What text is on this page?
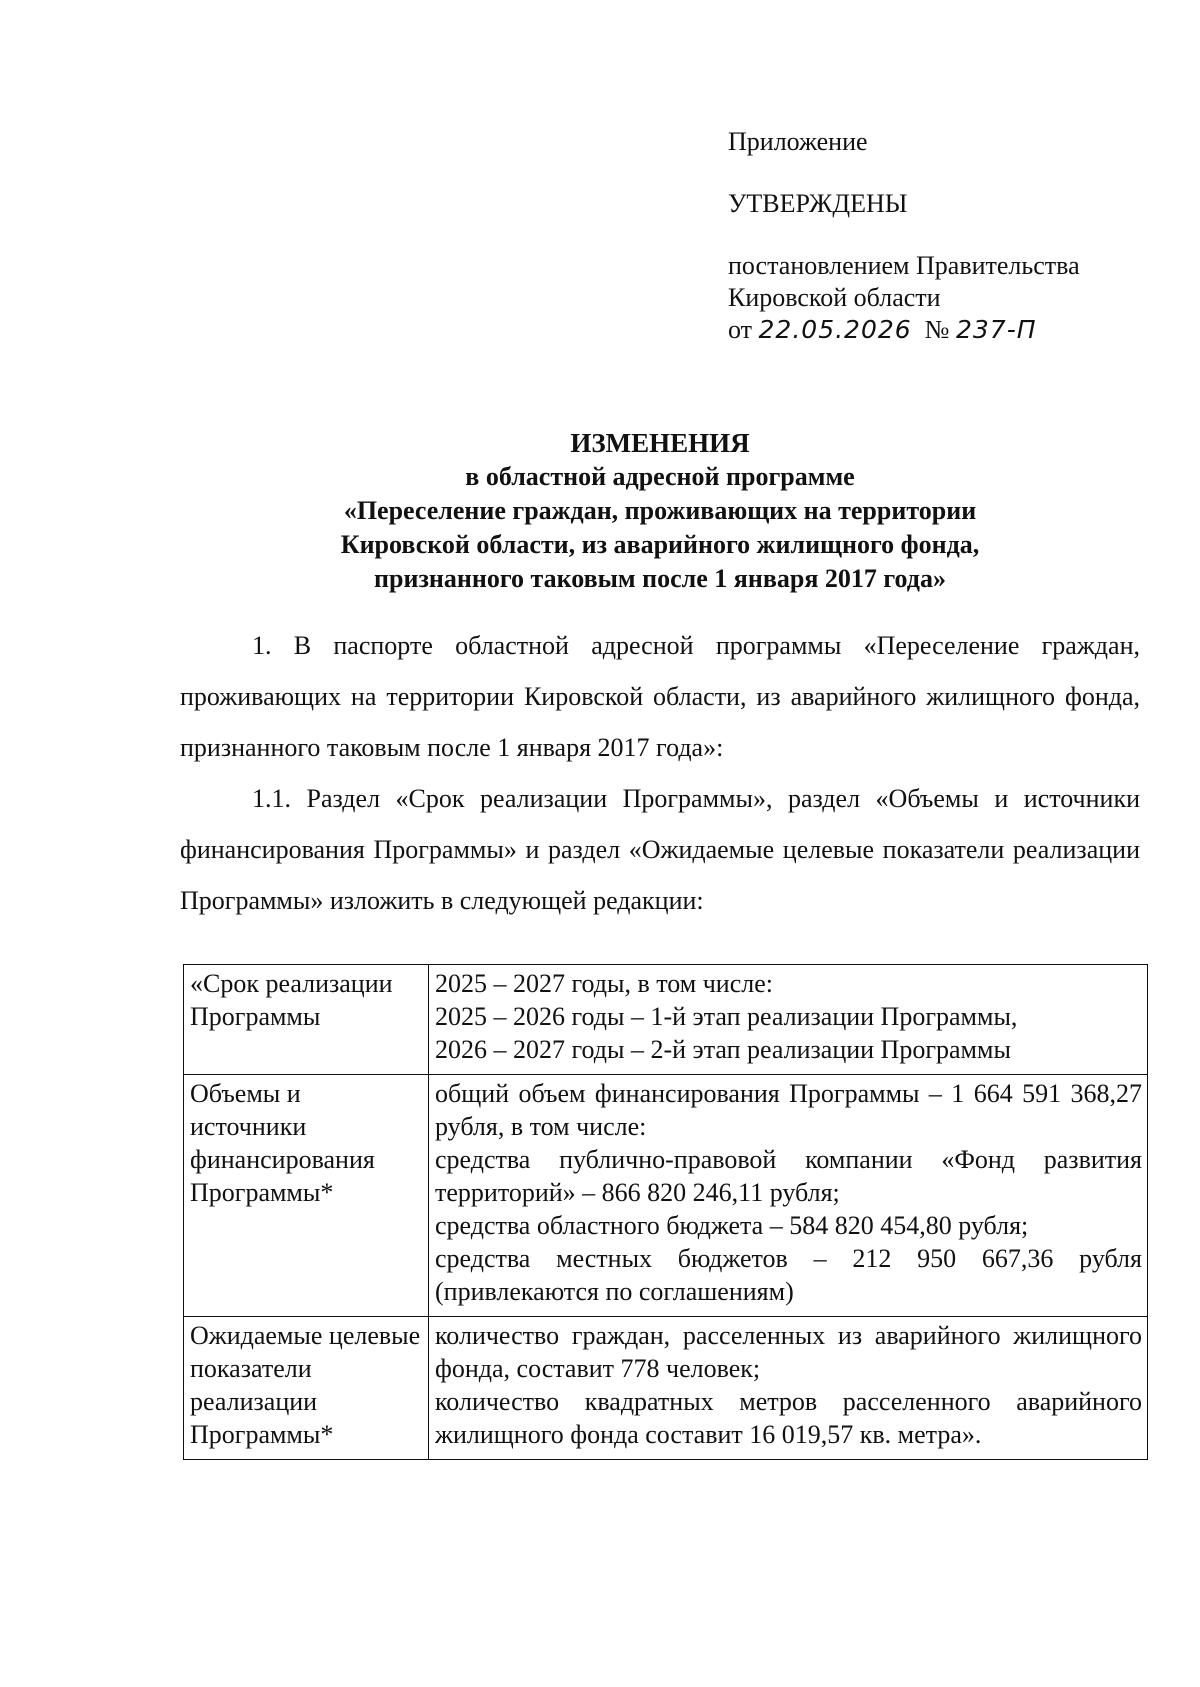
Приложение
УТВЕРЖДЕНЫ
постановлением Правительства
Кировской области
от 22.05.2026 № 237-П
ИЗМЕНЕНИЯ
в областной адресной программе
«Переселение граждан, проживающих на территории
Кировской области, из аварийного жилищного фонда,
признанного таковым после 1 января 2017 года»

1. В паспорте областной адресной программы «Переселение граждан, проживающих на территории Кировской области, из аварийного жилищного фонда, признанного таковым после 1 января 2017 года»:

1.1. Раздел «Срок реализации Программы», раздел «Объемы и источники финансирования Программы» и раздел «Ожидаемые целевые показатели реализации Программы» изложить в следующей редакции:

«Срок реализации Программы	2025 – 2027 годы, в том числе:
2025 – 2026 годы – 1-й этап реализации Программы,
2026 – 2027 годы – 2-й этап реализации Программы

Объемы и источники финансирования Программы*	общий объем финансирования Программы – 1 664 591 368,27 рубля, в том числе:
средства публично-правовой компании «Фонд развития территорий» – 866 820 246,11 рубля;
средства областного бюджета – 584 820 454,80 рубля;
средства местных бюджетов – 212 950 667,36 рубля (привлекаются по соглашениям)

Ожидаемые целевые показатели реализации Программы*	количество граждан, расселенных из аварийного жилищного фонда, составит 778 человек;
количество квадратных метров расселенного аварийного жилищного фонда составит 16 019,57 кв. метра».
